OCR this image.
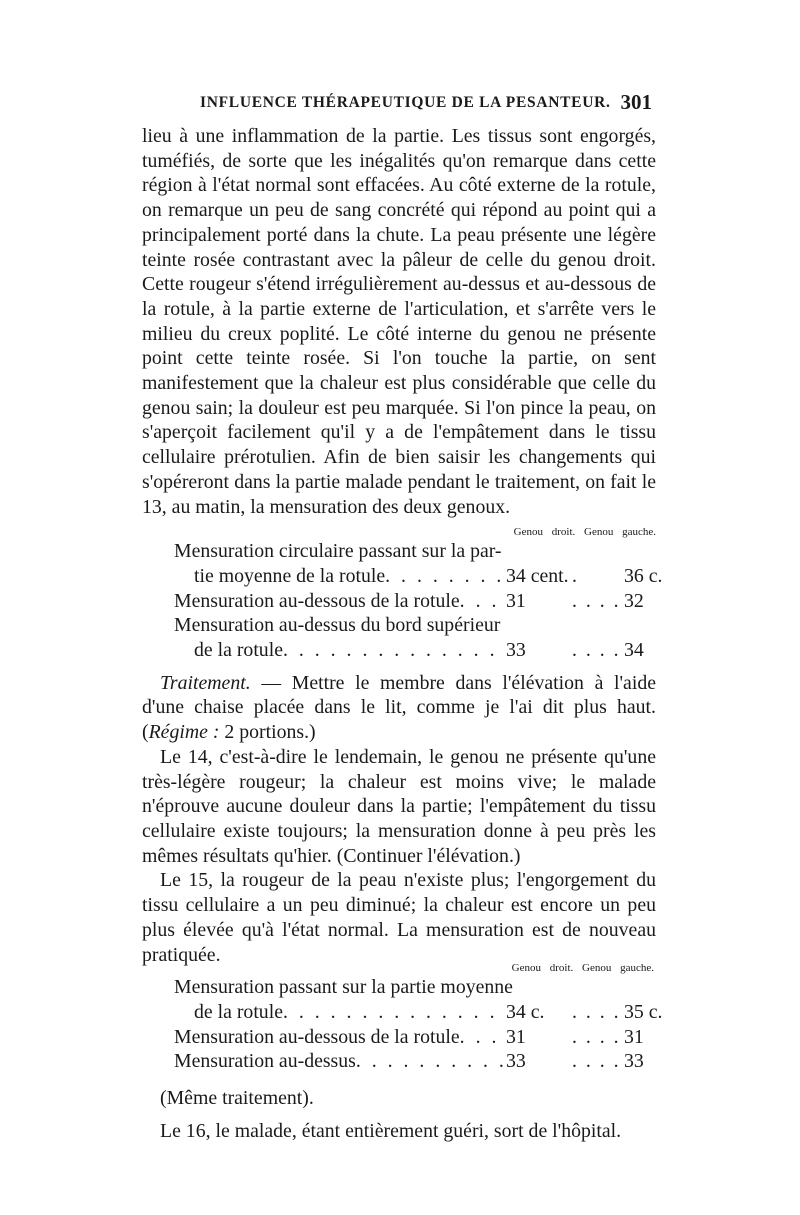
INFLUENCE THÉRAPEUTIQUE DE LA PESANTEUR. 301
lieu à une inflammation de la partie. Les tissus sont engorgés, tuméfiés, de sorte que les inégalités qu'on remarque dans cette région à l'état normal sont effacées. Au côté externe de la rotule, on remarque un peu de sang concrété qui répond au point qui a principalement porté dans la chute. La peau présente une légère teinte rosée contrastant avec la pâleur de celle du genou droit. Cette rougeur s'étend irrégulièrement au-dessus et au-dessous de la rotule, à la partie externe de l'articulation, et s'arrête vers le milieu du creux poplité. Le côté interne du genou ne présente point cette teinte rosée. Si l'on touche la partie, on sent manifestement que la chaleur est plus considérable que celle du genou sain; la douleur est peu marquée. Si l'on pince la peau, on s'aperçoit facilement qu'il y a de l'empâtement dans le tissu cellulaire prérotulien. Afin de bien saisir les changements qui s'opéreront dans la partie malade pendant le traitement, on fait le 13, au matin, la mensuration des deux genoux.
Genou droit. Genou gauche.
Mensuration circulaire passant sur la par-
tie moyenne de la rotule . . .	34 cent. .	36 c.
Mensuration au-dessous de la rotule . . . 31 . . . .	32
Mensuration au-dessus du bord supérieur
de la rotule . . .	33 . . . .	34
Traitement. — Mettre le membre dans l'élévation à l'aide d'une chaise placée dans le lit, comme je l'ai dit plus haut. (Régime : 2 portions.)
Le 14, c'est-à-dire le lendemain, le genou ne présente qu'une très-légère rougeur; la chaleur est moins vive; le malade n'éprouve aucune douleur dans la partie; l'empâtement du tissu cellulaire existe toujours; la mensuration donne à peu près les mêmes résultats qu'hier. (Continuer l'élévation.)
Le 15, la rougeur de la peau n'existe plus; l'engorgement du tissu cellulaire a un peu diminué; la chaleur est encore un peu plus élevée qu'à l'état normal. La mensuration est de nouveau pratiquée.
Genou droit. Genou gauche.
Mensuration passant sur la partie moyenne
de la rotule . . .	34 c. . . . .	35 c.
Mensuration au-dessous de la rotule . . . 31 . . . .	31
Mensuration au-dessus . . .	33 . . . .	33
(Même traitement).
Le 16, le malade, étant entièrement guéri, sort de l'hôpital.
